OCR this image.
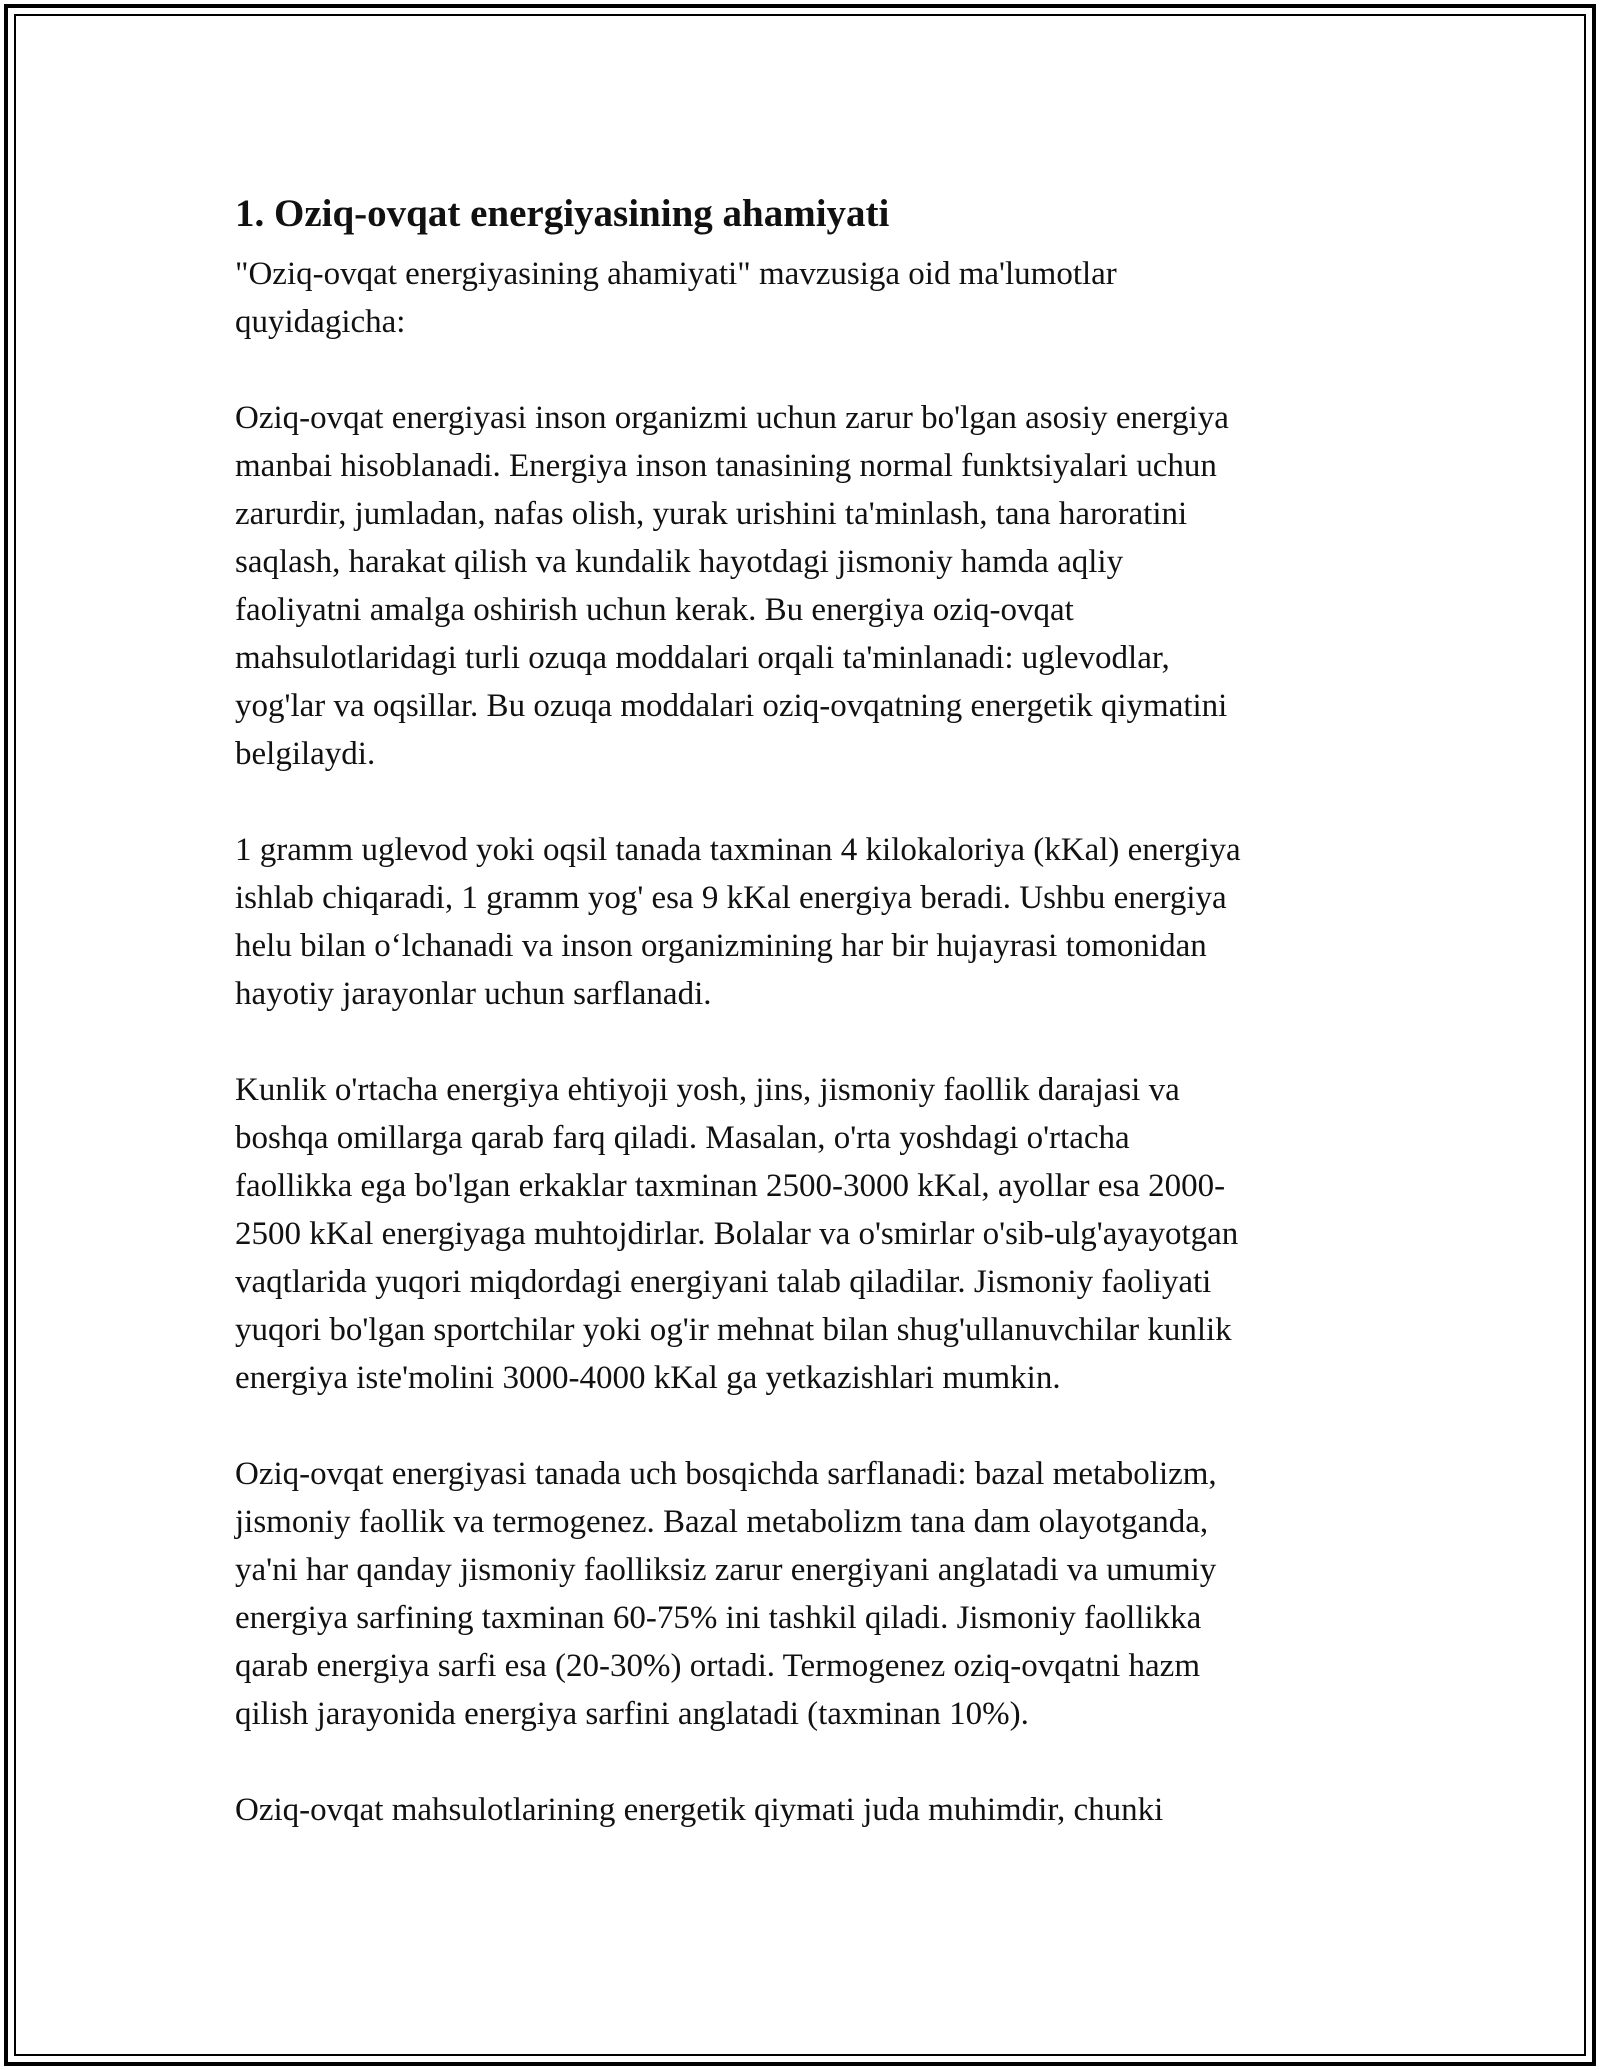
1. Oziq-ovqat energiyasining ahamiyati
"Oziq-ovqat energiyasining ahamiyati" mavzusiga oid ma'lumotlar
quyidagicha:
Oziq-ovqat energiyasi inson organizmi uchun zarur bo'lgan asosiy energiya
manbai hisoblanadi. Energiya inson tanasining normal funktsiyalari uchun
zarurdir, jumladan, nafas olish, yurak urishini ta'minlash, tana haroratini
saqlash, harakat qilish va kundalik hayotdagi jismoniy hamda aqliy
faoliyatni amalga oshirish uchun kerak. Bu energiya oziq-ovqat
mahsulotlaridagi turli ozuqa moddalari orqali ta'minlanadi: uglevodlar,
yog'lar va oqsillar. Bu ozuqa moddalari oziq-ovqatning energetik qiymatini
belgilaydi.
1 gramm uglevod yoki oqsil tanada taxminan 4 kilokaloriya (kKal) energiya
ishlab chiqaradi, 1 gramm yog' esa 9 kKal energiya beradi. Ushbu energiya
helu bilan o‘lchanadi va inson organizmining har bir hujayrasi tomonidan
hayotiy jarayonlar uchun sarflanadi.
Kunlik o'rtacha energiya ehtiyoji yosh, jins, jismoniy faollik darajasi va
boshqa omillarga qarab farq qiladi. Masalan, o'rta yoshdagi o'rtacha
faollikka ega bo'lgan erkaklar taxminan 2500-3000 kKal, ayollar esa 2000-
2500 kKal energiyaga muhtojdirlar. Bolalar va o'smirlar o'sib-ulg'ayayotgan
vaqtlarida yuqori miqdordagi energiyani talab qiladilar. Jismoniy faoliyati
yuqori bo'lgan sportchilar yoki og'ir mehnat bilan shug'ullanuvchilar kunlik
energiya iste'molini 3000-4000 kKal ga yetkazishlari mumkin.
Oziq-ovqat energiyasi tanada uch bosqichda sarflanadi: bazal metabolizm,
jismoniy faollik va termogenez. Bazal metabolizm tana dam olayotganda,
ya'ni har qanday jismoniy faolliksiz zarur energiyani anglatadi va umumiy
energiya sarfining taxminan 60-75% ini tashkil qiladi. Jismoniy faollikka
qarab energiya sarfi esa (20-30%) ortadi. Termogenez oziq-ovqatni hazm
qilish jarayonida energiya sarfini anglatadi (taxminan 10%).
Oziq-ovqat mahsulotlarining energetik qiymati juda muhimdir, chunki
